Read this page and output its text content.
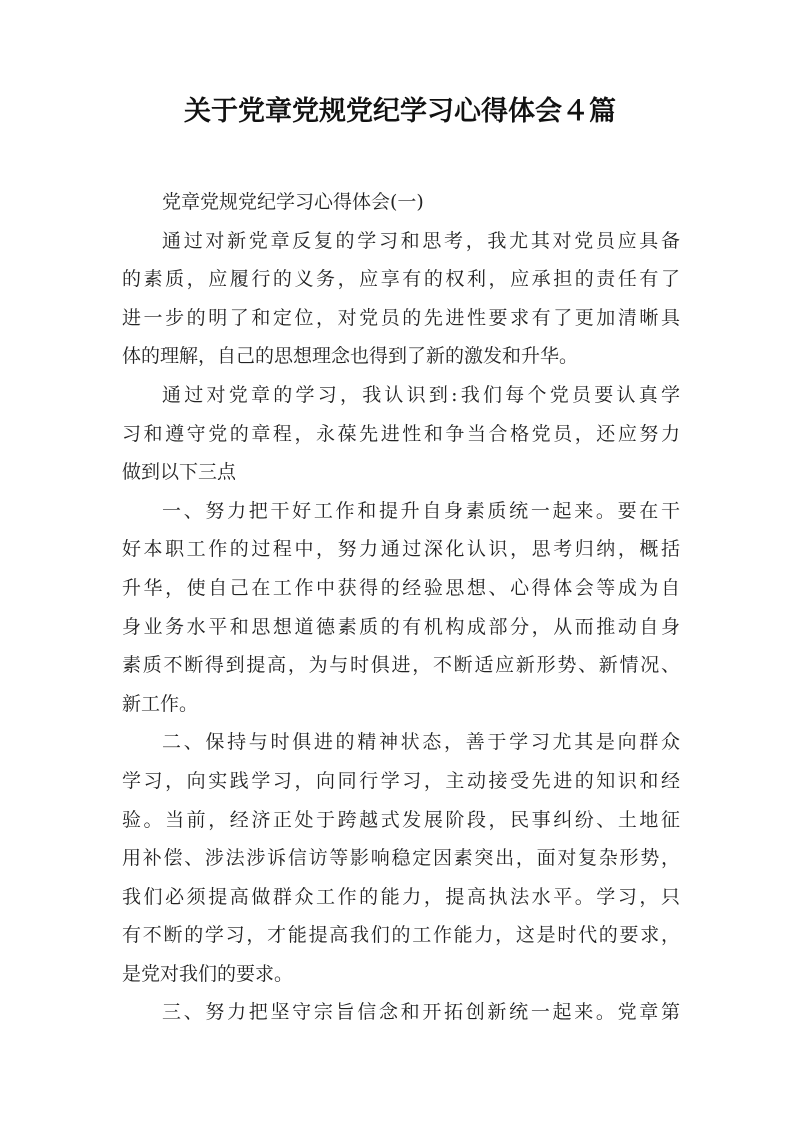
关于党章党规党纪学习心得体会４篇

党章党规党纪学习心得体会(一)

通过对新党章反复的学习和思考，我尤其对党员应具备

的素质，应履行的义务，应享有的权利，应承担的责任有了

进一步的明了和定位，对党员的先进性要求有了更加清晰具

体的理解，自己的思想理念也得到了新的激发和升华。

通过对党章的学习，我认识到:我们每个党员要认真学

习和遵守党的章程，永葆先进性和争当合格党员，还应努力

做到以下三点

一、努力把干好工作和提升自身素质统一起来。要在干

好本职工作的过程中，努力通过深化认识，思考归纳，概括

升华，使自己在工作中获得的经验思想、心得体会等成为自

身业务水平和思想道德素质的有机构成部分，从而推动自身

素质不断得到提高，为与时俱进，不断适应新形势、新情况、

新工作。

二、保持与时俱进的精神状态，善于学习尤其是向群众

学习，向实践学习，向同行学习，主动接受先进的知识和经

验。当前，经济正处于跨越式发展阶段，民事纠纷、土地征

用补偿、涉法涉诉信访等影响稳定因素突出，面对复杂形势，

我们必须提高做群众工作的能力，提高执法水平。学习，只

有不断的学习，才能提高我们的工作能力，这是时代的要求，

是党对我们的要求。

三、努力把坚守宗旨信念和开拓创新统一起来。党章第
